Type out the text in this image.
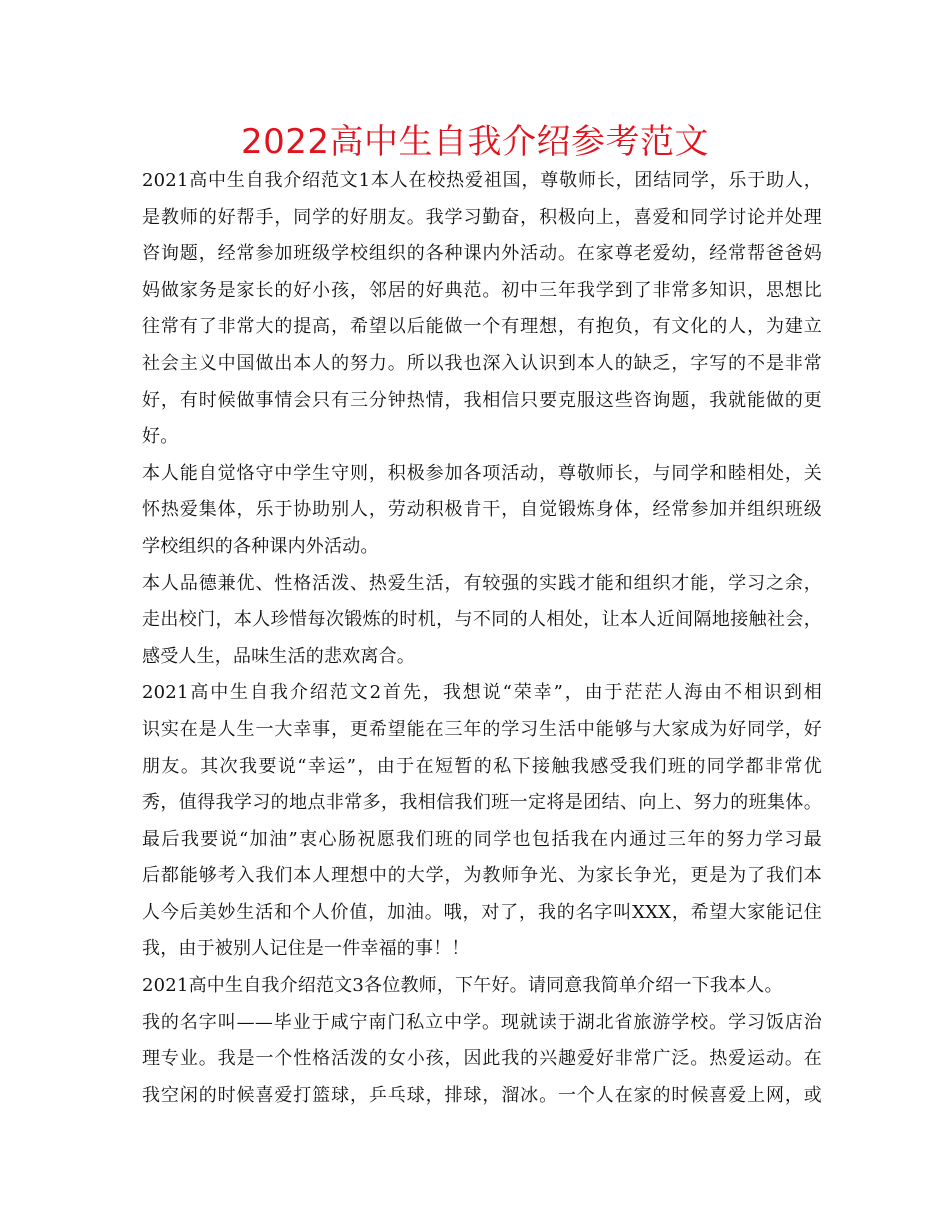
2022高中生自我介绍参考范文
2021高中生自我介绍范文1本人在校热爱祖国，尊敬师长，团结同学，乐于助人，
是教师的好帮手，同学的好朋友。我学习勤奋，积极向上，喜爱和同学讨论并处理
咨询题，经常参加班级学校组织的各种课内外活动。在家尊老爱幼，经常帮爸爸妈
妈做家务是家长的好小孩，邻居的好典范。初中三年我学到了非常多知识，思想比
往常有了非常大的提高，希望以后能做一个有理想，有抱负，有文化的人，为建立
社会主义中国做出本人的努力。所以我也深入认识到本人的缺乏，字写的不是非常
好，有时候做事情会只有三分钟热情，我相信只要克服这些咨询题，我就能做的更
好。
本人能自觉恪守中学生守则，积极参加各项活动，尊敬师长，与同学和睦相处，关
怀热爱集体，乐于协助别人，劳动积极肯干，自觉锻炼身体，经常参加并组织班级
学校组织的各种课内外活动。
本人品德兼优、性格活泼、热爱生活，有较强的实践才能和组织才能，学习之余，
走出校门，本人珍惜每次锻炼的时机，与不同的人相处，让本人近间隔地接触社会，
感受人生，品味生活的悲欢离合。
2021高中生自我介绍范文2首先，我想说“荣幸”，由于茫茫人海由不相识到相
识实在是人生一大幸事，更希望能在三年的学习生活中能够与大家成为好同学，好
朋友。其次我要说“幸运”，由于在短暂的私下接触我感受我们班的同学都非常优
秀，值得我学习的地点非常多，我相信我们班一定将是团结、向上、努力的班集体。
最后我要说“加油”衷心肠祝愿我们班的同学也包括我在内通过三年的努力学习最
后都能够考入我们本人理想中的大学，为教师争光、为家长争光，更是为了我们本
人今后美妙生活和个人价值，加油。哦，对了，我的名字叫XXX，希望大家能记住
我，由于被别人记住是一件幸福的事！！
2021高中生自我介绍范文3各位教师，下午好。请同意我简单介绍一下我本人。
我的名字叫——毕业于咸宁南门私立中学。现就读于湖北省旅游学校。学习饭店治
理专业。我是一个性格活泼的女小孩，因此我的兴趣爱好非常广泛。热爱运动。在
我空闲的时候喜爱打篮球，乒乓球，排球，溜冰。一个人在家的时候喜爱上网，或
